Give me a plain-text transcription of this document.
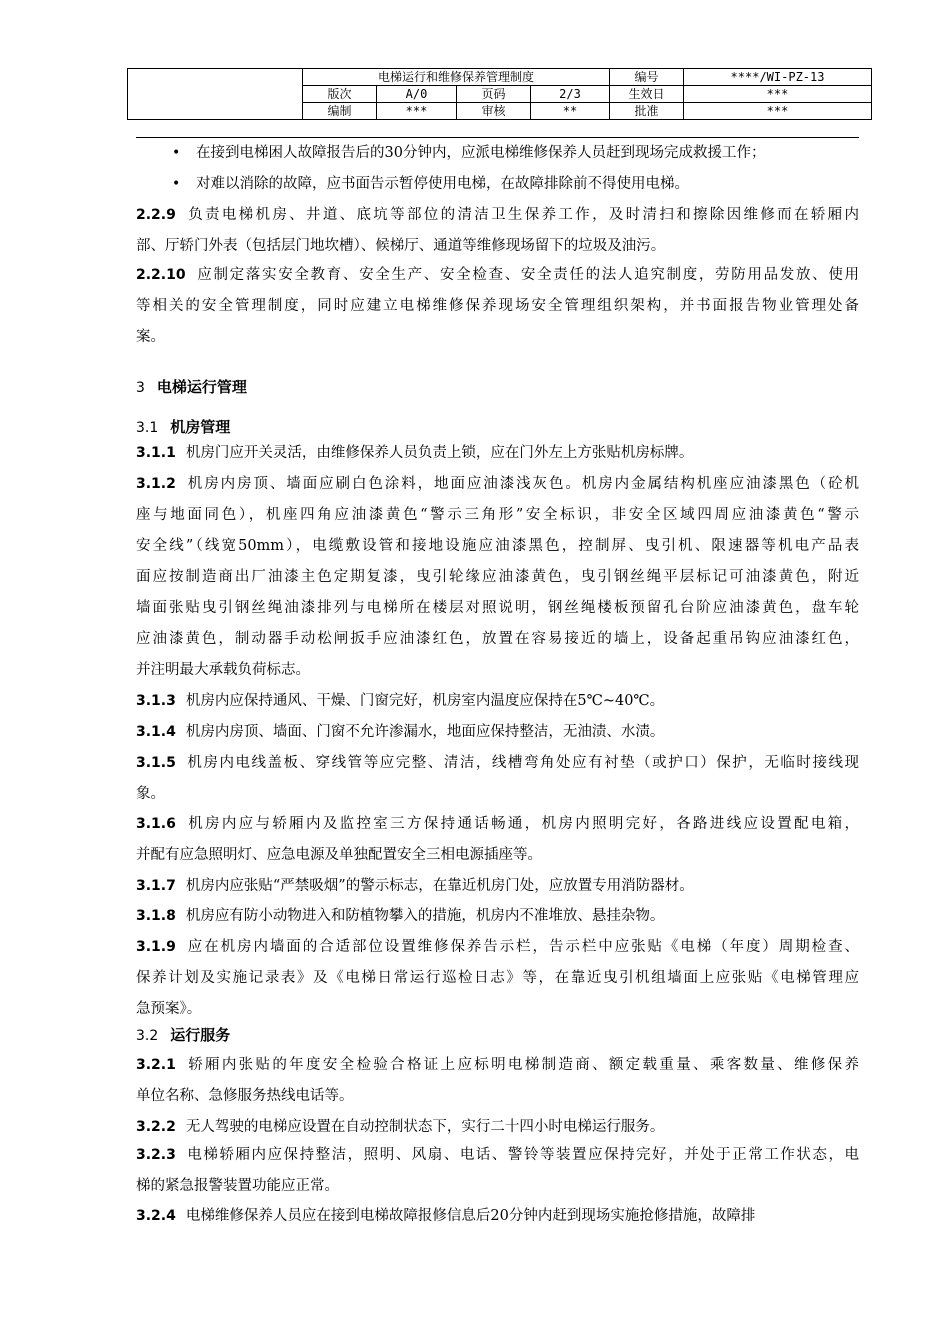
	电梯运行和维修保养管理制度				编号	****/WI-PZ-13
	版次	A/0	页码	2/3	生效日	***
	编制	***	审核	**	批准	***
• 在接到电梯困人故障报告后的30分钟内，应派电梯维修保养人员赶到现场完成救援工作；
• 对难以消除的故障，应书面告示暂停使用电梯，在故障排除前不得使用电梯。
2.2.9 负责电梯机房、井道、底坑等部位的清洁卫生保养工作，及时清扫和擦除因维修而在轿厢内
部、厅轿门外表（包括层门地坎槽）、候梯厅、通道等维修现场留下的垃圾及油污。
2.2.10 应制定落实安全教育、安全生产、安全检查、安全责任的法人追究制度，劳防用品发放、使用
等相关的安全管理制度，同时应建立电梯维修保养现场安全管理组织架构，并书面报告物业管理处备
案。
3 电梯运行管理
3.1 机房管理
3.1.1 机房门应开关灵活，由维修保养人员负责上锁，应在门外左上方张贴机房标牌。
3.1.2 机房内房顶、墙面应刷白色涂料，地面应油漆浅灰色。机房内金属结构机座应油漆黑色（砼机
座与地面同色），机座四角应油漆黄色“警示三角形”安全标识，非安全区域四周应油漆黄色“警示
安全线”（线宽50mm），电缆敷设管和接地设施应油漆黑色，控制屏、曳引机、限速器等机电产品表
面应按制造商出厂油漆主色定期复漆，曳引轮缘应油漆黄色，曳引钢丝绳平层标记可油漆黄色，附近
墙面张贴曳引钢丝绳油漆排列与电梯所在楼层对照说明，钢丝绳楼板预留孔台阶应油漆黄色，盘车轮
应油漆黄色，制动器手动松闸扳手应油漆红色，放置在容易接近的墙上，设备起重吊钩应油漆红色，
并注明最大承载负荷标志。
3.1.3 机房内应保持通风、干燥、门窗完好，机房室内温度应保持在5℃~40℃。
3.1.4 机房内房顶、墙面、门窗不允许渗漏水，地面应保持整洁，无油渍、水渍。
3.1.5 机房内电线盖板、穿线管等应完整、清洁，线槽弯角处应有衬垫（或护口）保护，无临时接线现
象。
3.1.6 机房内应与轿厢内及监控室三方保持通话畅通，机房内照明完好，各路进线应设置配电箱，
并配有应急照明灯、应急电源及单独配置安全三相电源插座等。
3.1.7 机房内应张贴“严禁吸烟”的警示标志，在靠近机房门处，应放置专用消防器材。
3.1.8 机房应有防小动物进入和防植物攀入的措施，机房内不准堆放、悬挂杂物。
3.1.9 应在机房内墙面的合适部位设置维修保养告示栏，告示栏中应张贴《电梯（年度）周期检查、
保养计划及实施记录表》及《电梯日常运行巡检日志》等，在靠近曳引机组墙面上应张贴《电梯管理应
急预案》。
3.2 运行服务
3.2.1 轿厢内张贴的年度安全检验合格证上应标明电梯制造商、额定载重量、乘客数量、维修保养
单位名称、急修服务热线电话等。
3.2.2 无人驾驶的电梯应设置在自动控制状态下，实行二十四小时电梯运行服务。
3.2.3 电梯轿厢内应保持整洁，照明、风扇、电话、警铃等装置应保持完好，并处于正常工作状态，电
梯的紧急报警装置功能应正常。
3.2.4 电梯维修保养人员应在接到电梯故障报修信息后20分钟内赶到现场实施抢修措施，故障排
